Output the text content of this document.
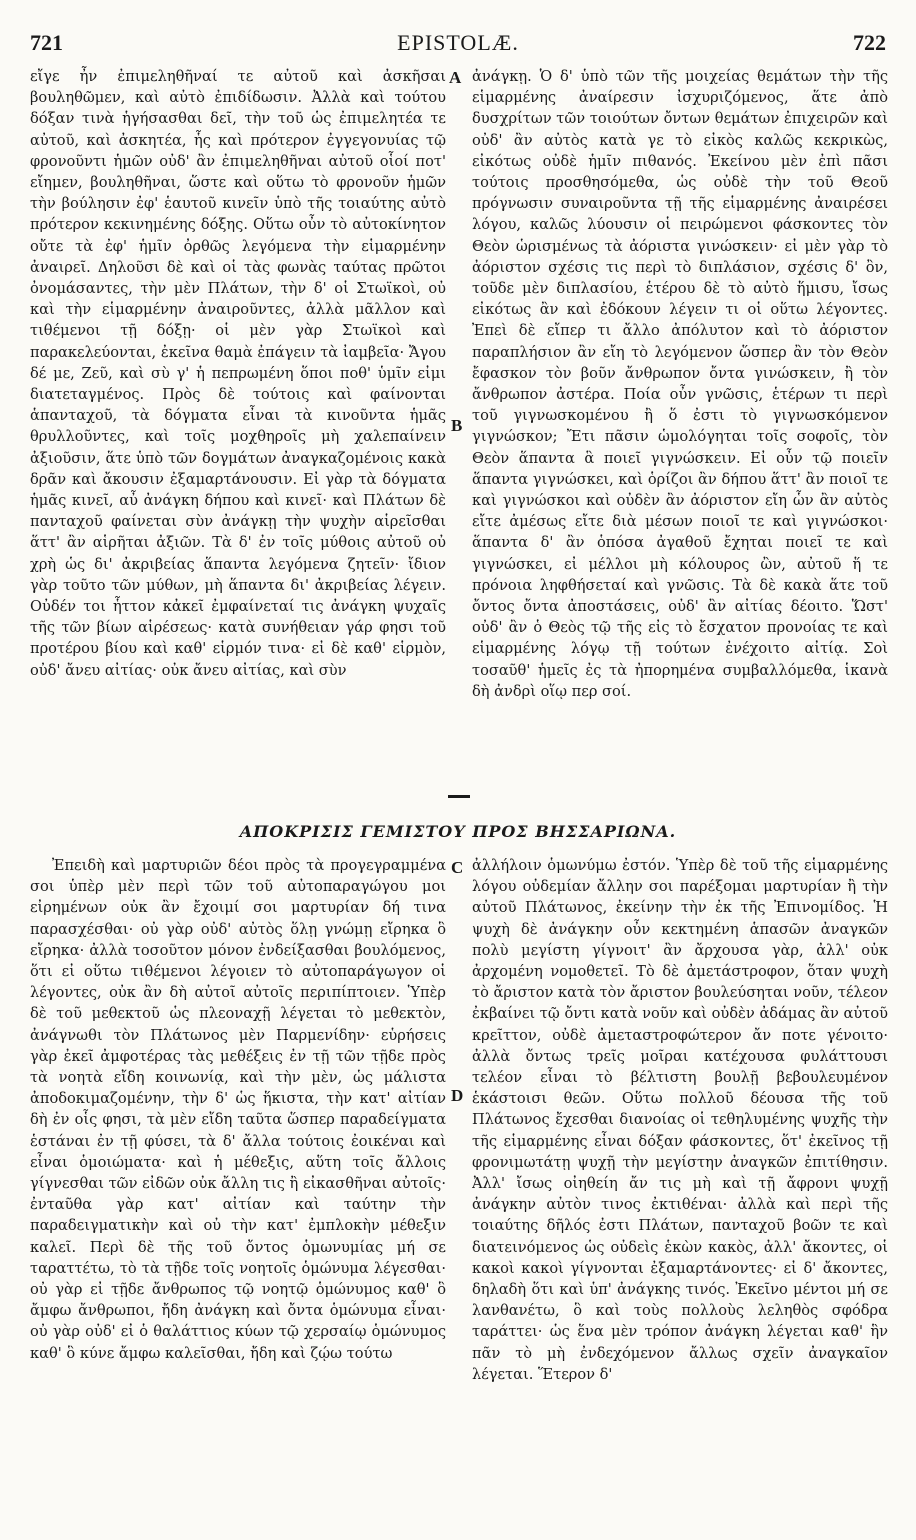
721	EPISTOLÆ.	722

εἴγε ἦν ἐπιμεληθῆναί τε αὐτοῦ καὶ ἀσκῆσαι βουληθῶμεν, καὶ αὐτὸ ἐπιδίδωσιν. Ἀλλὰ καὶ τούτου δόξαν τινὰ ἡγήσασθαι δεῖ, τὴν τοῦ ὡς ἐπιμελητέα τε αὐτοῦ, καὶ ἀσκητέα, ἧς καὶ πρότερον ἐγγεγονυίας τῷ φρονοῦντι ἡμῶν οὐδ' ἂν ἐπιμεληθῆναι αὐτοῦ οἷοί ποτ' εἴημεν, βουληθῆναι, ὥστε καὶ οὕτω τὸ φρονοῦν ἡμῶν τὴν βούλησιν ἐφ' ἑαυτοῦ κινεῖν ὑπὸ τῆς τοιαύτης αὐτὸ πρότερον κεκινημένης δόξης. Οὕτω οὖν τὸ αὐτοκίνητον οὔτε τὰ ἐφ' ἡμῖν ὀρθῶς λεγόμενα τὴν εἱμαρμένην ἀναιρεῖ. Δηλοῦσι δὲ καὶ οἱ τὰς φωνὰς ταύτας πρῶτοι ὀνομάσαντες, τὴν μὲν Πλάτων, τὴν δ' οἱ Στωϊκοὶ, οὐ καὶ τὴν εἱμαρμένην ἀναιροῦντες, ἀλλὰ μᾶλλον καὶ τιθέμενοι τῇ δόξῃ· οἱ μὲν γὰρ Στωϊκοὶ καὶ παρακελεύονται, ἐκεῖνα θαμὰ ἐπάγειν τὰ ἰαμβεῖα· Ἄγου δέ με, Ζεῦ, καὶ σὺ γ' ἡ πεπρωμένη ὅποι ποθ' ὑμῖν εἰμι διατεταγμένος. Πρὸς δὲ τούτοις καὶ φαίνονται ἁπανταχοῦ, τὰ δόγματα εἶναι τὰ κινοῦντα ἡμᾶς θρυλλοῦντες, καὶ τοῖς μοχθηροῖς μὴ χαλεπαίνειν ἀξιοῦσιν, ἅτε ὑπὸ τῶν δογμάτων ἀναγκαζομένοις κακὰ δρᾶν καὶ ἄκουσιν ἐξαμαρτάνουσιν. Εἰ γὰρ τὰ δόγματα ἡμᾶς κινεῖ, αὖ ἀνάγκη δήπου καὶ κινεῖ· καὶ Πλάτων δὲ πανταχοῦ φαίνεται σὺν ἀνάγκῃ τὴν ψυχὴν αἱρεῖσθαι ἅττ' ἂν αἱρῆται ἀξιῶν. Τὰ δ' ἐν τοῖς μύθοις αὐτοῦ οὐ χρὴ ὡς δι' ἀκριβείας ἅπαντα λεγόμενα ζητεῖν· ἴδιον γὰρ τοῦτο τῶν μύθων, μὴ ἅπαντα δι' ἀκριβείας λέγειν. Οὐδέν τοι ἧττον κἀκεῖ ἐμφαίνεταί τις ἀνάγκη ψυχαῖς τῆς τῶν βίων αἱρέσεως· κατὰ συνήθειαν γάρ φησι τοῦ προτέρου βίου καὶ καθ' εἱρμόν τινα· εἰ δὲ καθ' εἱρμὸν, οὐδ' ἄνευ αἰτίας· οὐκ ἄνευ αἰτίας, καὶ σὺν

ἀνάγκῃ. Ὁ δ' ὑπὸ τῶν τῆς μοιχείας θεμάτων τὴν τῆς εἱμαρμένης ἀναίρεσιν ἰσχυριζόμενος, ἅτε ἀπὸ δυσχρίτων τῶν τοιούτων ὄντων θεμάτων ἐπιχειρῶν καὶ οὐδ' ἂν αὐτὸς κατὰ γε τὸ εἰκὸς καλῶς κεκρικὼς, εἰκότως οὐδὲ ἡμῖν πιθανός. Ἐκείνου μὲν ἐπὶ πᾶσι τούτοις προσθησόμεθα, ὡς οὐδὲ τὴν τοῦ Θεοῦ πρόγνωσιν συναιροῦντα τῇ τῆς εἱμαρμένης ἀναιρέσει λόγου, καλῶς λύουσιν οἱ πειρώμενοι φάσκοντες τὸν Θεὸν ὡρισμένως τὰ ἀόριστα γινώσκειν· εἰ μὲν γὰρ τὸ ἀόριστον σχέσις τις περὶ τὸ διπλάσιον, σχέσις δ' ὂν, τοῦδε μὲν διπλασίου, ἑτέρου δὲ τὸ αὐτὸ ἥμισυ, ἴσως εἰκότως ἂν καὶ ἐδόκουν λέγειν τι οἱ οὕτω λέγοντες. Ἐπεὶ δὲ εἴπερ τι ἄλλο ἀπόλυτον καὶ τὸ ἀόριστον παραπλήσιον ἂν εἴη τὸ λεγόμενον ὥσπερ ἂν τὸν Θεὸν ἔφασκον τὸν βοῦν ἄνθρωπον ὄντα γινώσκειν, ἢ τὸν ἄνθρωπον ἀστέρα. Ποία οὖν γνῶσις, ἑτέρων τι περὶ τοῦ γιγνωσκομένου ἢ ὅ ἐστι τὸ γιγνωσκόμενον γιγνώσκον; Ἔτι πᾶσιν ὡμολόγηται τοῖς σοφοῖς, τὸν Θεὸν ἅπαντα ἃ ποιεῖ γιγνώσκειν. Εἰ οὖν τῷ ποιεῖν ἅπαντα γιγνώσκει, καὶ ὁρίζοι ἂν δήπου ἅττ' ἂν ποιοῖ τε καὶ γιγνώσκοι καὶ οὐδὲν ἂν ἀόριστον εἴη ὧν ἂν αὐτὸς εἴτε ἀμέσως εἴτε διὰ μέσων ποιοῖ τε καὶ γιγνώσκοι· ἅπαντα δ' ἂν ὁπόσα ἀγαθοῦ ἔχηται ποιεῖ τε καὶ γιγνώσκει, εἰ μέλλοι μὴ κόλουρος ὢν, αὐτοῦ ἥ τε πρόνοια ληφθήσεταί καὶ γνῶσις. Τὰ δὲ κακὰ ἅτε τοῦ ὄντος ὄντα ἀποστάσεις, οὐδ' ἂν αἰτίας δέοιτο. Ὥστ' οὐδ' ἂν ὁ Θεὸς τῷ τῆς εἰς τὸ ἔσχατον προνοίας τε καὶ εἱμαρμένης λόγῳ τῇ τούτων ἐνέχοιτο αἰτίᾳ. Σοὶ τοσαῦθ' ἡμεῖς ἐς τὰ ἠπορημένα συμβαλλόμεθα, ἱκανὰ δὴ ἀνδρὶ οἵῳ περ σοί.

A
B
ΑΠΟΚΡΙΣΙΣ ΓΕΜΙΣΤΟΥ ΠΡΟΣ ΒΗΣΣΑΡΙΩΝΑ.

Ἐπειδὴ καὶ μαρτυριῶν δέοι πρὸς τὰ προγεγραμμένα σοι ὑπὲρ μὲν περὶ τῶν τοῦ αὐτοπαραγώγου μοι εἰρημένων οὐκ ἂν ἔχοιμί σοι μαρτυρίαν δή τινα παρασχέσθαι· οὐ γὰρ οὐδ' αὐτὸς ὅλῃ γνώμῃ εἴρηκα ὃ εἴρηκα· ἀλλὰ τοσοῦτον μόνον ἐνδείξασθαι βουλόμενος, ὅτι εἰ οὕτω τιθέμενοι λέγοιεν τὸ αὐτοπαράγωγον οἱ λέγοντες, οὐκ ἂν δὴ αὐτοῖ αὐτοῖς περιπίπτοιεν. Ὑπὲρ δὲ τοῦ μεθεκτοῦ ὡς πλεοναχῇ λέγεται τὸ μεθεκτὸν, ἀνάγνωθι τὸν Πλάτωνος μὲν Παρμενίδην· εὑρήσεις γὰρ ἐκεῖ ἀμφοτέρας τὰς μεθέξεις ἐν τῇ τῶν τῇδε πρὸς τὰ νοητὰ εἴδη κοινωνίᾳ, καὶ τὴν μὲν, ὡς μάλιστα ἀποδοκιμαζομένην, τὴν δ' ὡς ἥκιστα, τὴν κατ' αἰτίαν δὴ ἐν οἷς φησι, τὰ μὲν εἴδη ταῦτα ὥσπερ παραδείγματα ἑστάναι ἐν τῇ φύσει, τὰ δ' ἄλλα τούτοις ἐοικέναι καὶ εἶναι ὁμοιώματα· καὶ ἡ μέθεξις, αὕτη τοῖς ἄλλοις γίγνεσθαι τῶν εἰδῶν οὐκ ἄλλη τις ἢ εἰκασθῆναι αὐτοῖς· ἐνταῦθα γὰρ κατ' αἰτίαν καὶ ταύτην τὴν παραδειγματικὴν καὶ οὐ τὴν κατ' ἐμπλοκὴν μέθεξιν καλεῖ. Περὶ δὲ τῆς τοῦ ὄντος ὁμωνυμίας μή σε ταραττέτω, τὸ τὰ τῇδε τοῖς νοητοῖς ὁμώνυμα λέγεσθαι· οὐ γὰρ εἰ τῇδε ἄνθρωπος τῷ νοητῷ ὁμώνυμος καθ' ὃ ἄμφω ἄνθρωποι, ἤδη ἀνάγκη καὶ ὄντα ὁμώνυμα εἶναι· οὐ γὰρ οὐδ' εἰ ὁ θαλάττιος κύων τῷ χερσαίῳ ὁμώνυμος καθ' ὃ κύνε ἄμφω καλεῖσθαι, ἤδη καὶ ζῴω τούτω

ἀλλήλοιν ὁμωνύμω ἐστόν. Ὑπὲρ δὲ τοῦ τῆς εἱμαρμένης λόγου οὐδεμίαν ἄλλην σοι παρέξομαι μαρτυρίαν ἢ τὴν αὐτοῦ Πλάτωνος, ἐκείνην τὴν ἐκ τῆς Ἐπινομίδος. Ἡ ψυχὴ δὲ ἀνάγκην οὖν κεκτημένη ἁπασῶν ἀναγκῶν πολὺ μεγίστη γίγνοιτ' ἂν ἄρχουσα γὰρ, ἀλλ' οὐκ ἀρχομένη νομοθετεῖ. Τὸ δὲ ἀμετάστροφον, ὅταν ψυχὴ τὸ ἄριστον κατὰ τὸν ἄριστον βουλεύσηται νοῦν, τέλεον ἐκβαίνει τῷ ὄντι κατὰ νοῦν καὶ οὐδὲν ἀδάμας ἂν αὐτοῦ κρεῖττον, οὐδὲ ἀμεταστροφώτερον ἄν ποτε γένοιτο· ἀλλὰ ὄντως τρεῖς μοῖραι κατέχουσα φυλάττουσι τελέον εἶναι τὸ βέλτιστη βουλῇ βεβουλευμένον ἑκάστοισι θεῶν. Οὕτω πολλοῦ δέουσα τῆς τοῦ Πλάτωνος ἔχεσθαι διανοίας οἱ τεθηλυμένης ψυχῆς τὴν τῆς εἱμαρμένης εἶναι δόξαν φάσκοντες, ὅτ' ἐκεῖνος τῇ φρονιμωτάτῃ ψυχῇ τὴν μεγίστην ἀναγκῶν ἐπιτίθησιν. Ἀλλ' ἴσως οἰηθείη ἄν τις μὴ καὶ τῇ ἄφρονι ψυχῇ ἀνάγκην αὐτὸν τινος ἐκτιθέναι· ἀλλὰ καὶ περὶ τῆς τοιαύτης δῆλός ἐστι Πλάτων, πανταχοῦ βοῶν τε καὶ διατεινόμενος ὡς οὐδεὶς ἑκὼν κακὸς, ἀλλ' ἄκοντες, οἱ κακοὶ κακοὶ γίγνονται ἐξαμαρτάνοντες· εἰ δ' ἄκοντες, δηλαδὴ ὅτι καὶ ὑπ' ἀνάγκης τινός. Ἐκεῖνο μέντοι μή σε λανθανέτω, ὃ καὶ τοὺς πολλοὺς λεληθὸς σφόδρα ταράττει· ὡς ἕνα μὲν τρόπον ἀνάγκη λέγεται καθ' ἣν πᾶν τὸ μὴ ἐνδεχόμενον ἄλλως σχεῖν ἀναγκαῖον λέγεται. Ἕτερον δ'

C
D
